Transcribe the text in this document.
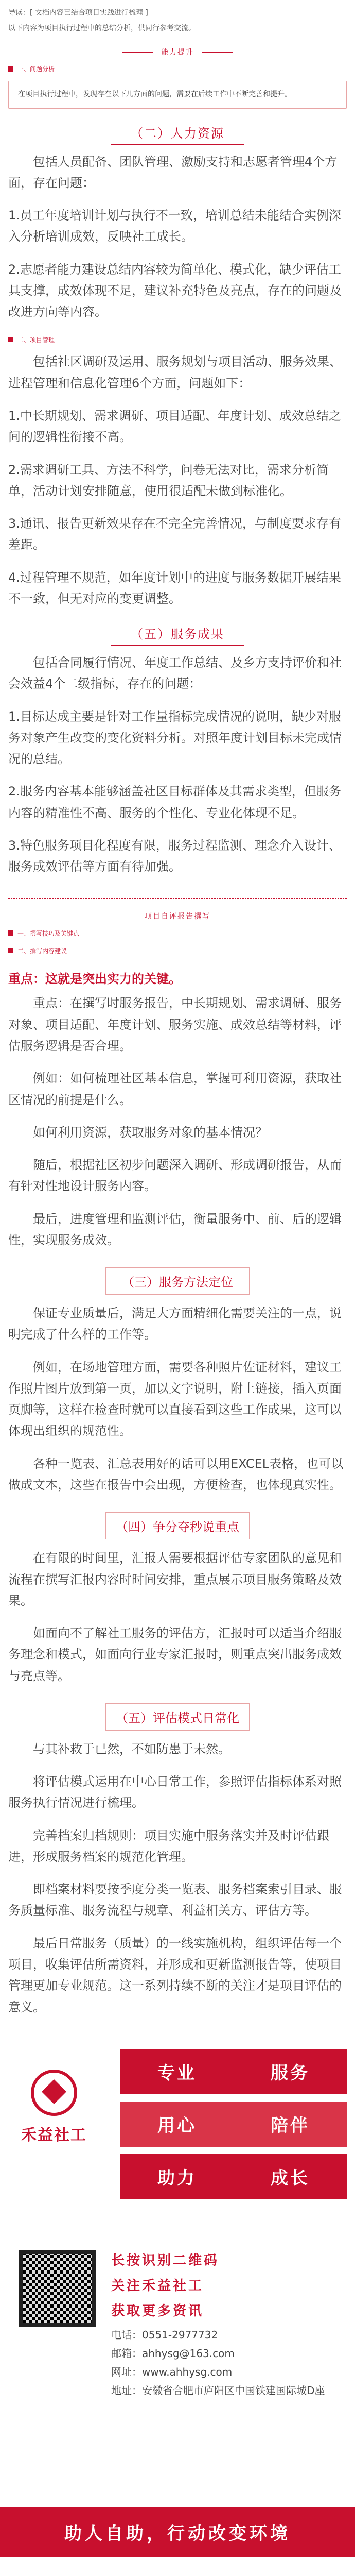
导读：[ 文档内容已结合项目实践进行梳理 ]

以下内容为项目执行过程中的总结分析，供同行参考交流。

能力提升
一、问题分析
在项目执行过程中，发现存在以下几方面的问题，需要在后续工作中不断完善和提升。
（二）人力资源

包括人员配备、团队管理、激励支持和志愿者管理4个方面，存在问题：

1.员工年度培训计划与执行不一致，培训总结未能结合实例深入分析培训成效，反映社工成长。

2.志愿者能力建设总结内容较为简单化、模式化，缺少评估工具支撑，成效体现不足，建议补充特色及亮点，存在的问题及改进方向等内容。

二、项目管理

包括社区调研及运用、服务规划与项目活动、服务效果、进程管理和信息化管理6个方面，问题如下：

1.中长期规划、需求调研、项目适配、年度计划、成效总结之间的逻辑性衔接不高。

2.需求调研工具、方法不科学，问卷无法对比，需求分析简单，活动计划安排随意，使用很适配未做到标准化。

3.通讯、报告更新效果存在不完全完善情况，与制度要求存有差距。

4.过程管理不规范，如年度计划中的进度与服务数据开展结果不一致，但无对应的变更调整。

（五）服务成果

包括合同履行情况、年度工作总结、及乡方支持评价和社会效益4个二级指标，存在的问题：

1.目标达成主要是针对工作量指标完成情况的说明，缺少对服务对象产生改变的变化资料分析。对照年度计划目标未完成情况的总结。

2.服务内容基本能够涵盖社区目标群体及其需求类型，但服务内容的精准性不高、服务的个性化、专业化体现不足。

3.特色服务项目化程度有限，服务过程监测、理念介入设计、服务成效评估等方面有待加强。

项目自评报告撰写
一、撰写技巧及关键点
二、撰写内容建议
重点：这就是突出实力的关键。

重点：在撰写时服务报告，中长期规划、需求调研、服务对象、项目适配、年度计划、服务实施、成效总结等材料，评估服务逻辑是否合理。

例如：如何梳理社区基本信息，掌握可利用资源，获取社区情况的前提是什么。

如何利用资源，获取服务对象的基本情况？

随后，根据社区初步问题深入调研、形成调研报告，从而有针对性地设计服务内容。

最后，进度管理和监测评估，衡量服务中、前、后的逻辑性，实现服务成效。

（三）服务方法定位

保证专业质量后，满足大方面精细化需要关注的一点，说明完成了什么样的工作等。

例如，在场地管理方面，需要各种照片佐证材料，建议工作照片图片放到第一页，加以文字说明，附上链接，插入页面页脚等，这样在检查时就可以直接看到这些工作成果，这可以体现出组织的规范性。

各种一览表、汇总表用好的话可以用EXCEL表格，也可以做成文本，这些在报告中会出现，方便检查，也体现真实性。

（四）争分夺秒说重点

在有限的时间里，汇报人需要根据评估专家团队的意见和流程在撰写汇报内容时时间安排，重点展示项目服务策略及效果。

如面向不了解社工服务的评估方，汇报时可以适当介绍服务理念和模式，如面向行业专家汇报时，则重点突出服务成效与亮点等。

（五）评估模式日常化

与其补救于已然，不如防患于未然。

将评估模式运用在中心日常工作，参照评估指标体系对照服务执行情况进行梳理。

完善档案归档规则：项目实施中服务落实并及时评估跟进，形成服务档案的规范化管理。

即档案材料要按季度分类一览表、服务档案索引目录、服务质量标准、服务流程与规章、利益相关方、评估方等。

最后日常服务（质量）的一线实施机构，组织评估每一个项目，收集评估所需资料，并形成和更新监测报告等，使项目管理更加专业规范。这一系列持续不断的关注才是项目评估的意义。

禾益社工
专业	服务
用心	陪伴
助力	成长
长按识别二维码
关注禾益社工
获取更多资讯
电话：0551-2977732
邮箱：ahhysg@163.com
网址：www.ahhysg.com
地址：安徽省合肥市庐阳区中国铁建国际城D座
助人自助，行动改变环境
